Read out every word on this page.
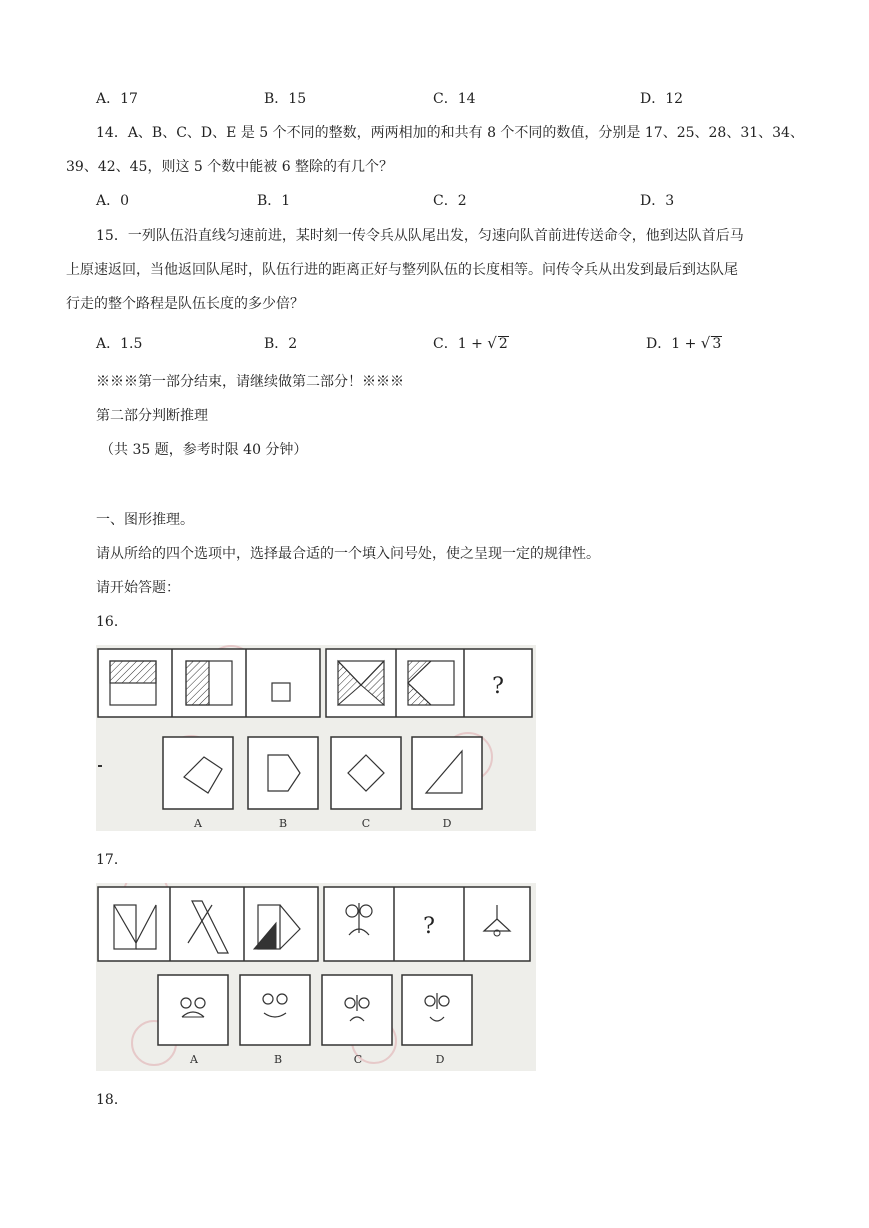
A．17	B．15	C．14	D．12
14．A、B、C、D、E 是 5 个不同的整数，两两相加的和共有 8 个不同的数值，分别是 17、25、28、31、34、
39、42、45，则这 5 个数中能被 6 整除的有几个？
A．0	B．1	C．2	D．3
15．一列队伍沿直线匀速前进，某时刻一传令兵从队尾出发，匀速向队首前进传送命令，他到达队首后马
上原速返回，当他返回队尾时，队伍行进的距离正好与整列队伍的长度相等。问传令兵从出发到最后到达队尾
行走的整个路程是队伍长度的多少倍？
A．1.5	B．2	C．1 + √ 2	D．1 + √ 3
※※※第一部分结束，请继续做第二部分！※※※
第二部分判断推理
（共 35 题，参考时限 40 分钟）
一、图形推理。
请从所给的四个选项中，选择最合适的一个填入问号处，使之呈现一定的规律性。
请开始答题：
16．
?
A	B	C	D
17．
?
A	B	C	D
18．
